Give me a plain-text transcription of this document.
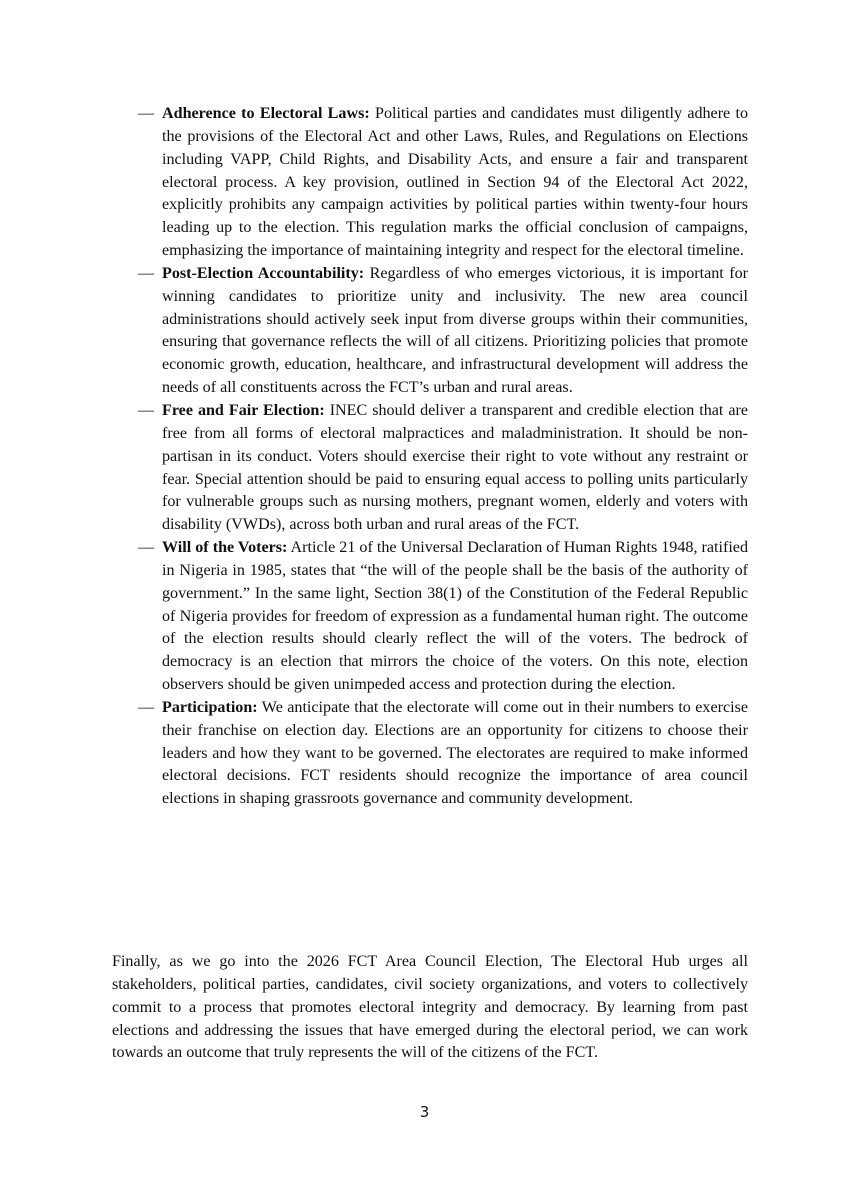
— Adherence to Electoral Laws: Political parties and candidates must diligently adhere to the provisions of the Electoral Act and other Laws, Rules, and Regulations on Elections including VAPP, Child Rights, and Disability Acts, and ensure a fair and transparent electoral process. A key provision, outlined in Section 94 of the Electoral Act 2022, explicitly prohibits any campaign activities by political parties within twenty-four hours leading up to the election. This regulation marks the official conclusion of campaigns, emphasizing the importance of maintaining integrity and respect for the electoral timeline.
— Post-Election Accountability: Regardless of who emerges victorious, it is important for winning candidates to prioritize unity and inclusivity. The new area council administrations should actively seek input from diverse groups within their communities, ensuring that governance reflects the will of all citizens. Prioritizing policies that promote economic growth, education, healthcare, and infrastructural development will address the needs of all constituents across the FCT’s urban and rural areas.
— Free and Fair Election: INEC should deliver a transparent and credible election that are free from all forms of electoral malpractices and maladministration. It should be non-partisan in its conduct. Voters should exercise their right to vote without any restraint or fear. Special attention should be paid to ensuring equal access to polling units particularly for vulnerable groups such as nursing mothers, pregnant women, elderly and voters with disability (VWDs), across both urban and rural areas of the FCT.
— Will of the Voters: Article 21 of the Universal Declaration of Human Rights 1948, ratified in Nigeria in 1985, states that “the will of the people shall be the basis of the authority of government.” In the same light, Section 38(1) of the Constitution of the Federal Republic of Nigeria provides for freedom of expression as a fundamental human right. The outcome of the election results should clearly reflect the will of the voters. The bedrock of democracy is an election that mirrors the choice of the voters. On this note, election observers should be given unimpeded access and protection during the election.
— Participation: We anticipate that the electorate will come out in their numbers to exercise their franchise on election day. Elections are an opportunity for citizens to choose their leaders and how they want to be governed. The electorates are required to make informed electoral decisions. FCT residents should recognize the importance of area council elections in shaping grassroots governance and community development.

Finally, as we go into the 2026 FCT Area Council Election, The Electoral Hub urges all stakeholders, political parties, candidates, civil society organizations, and voters to collectively commit to a process that promotes electoral integrity and democracy. By learning from past elections and addressing the issues that have emerged during the electoral period, we can work towards an outcome that truly represents the will of the citizens of the FCT.

3
